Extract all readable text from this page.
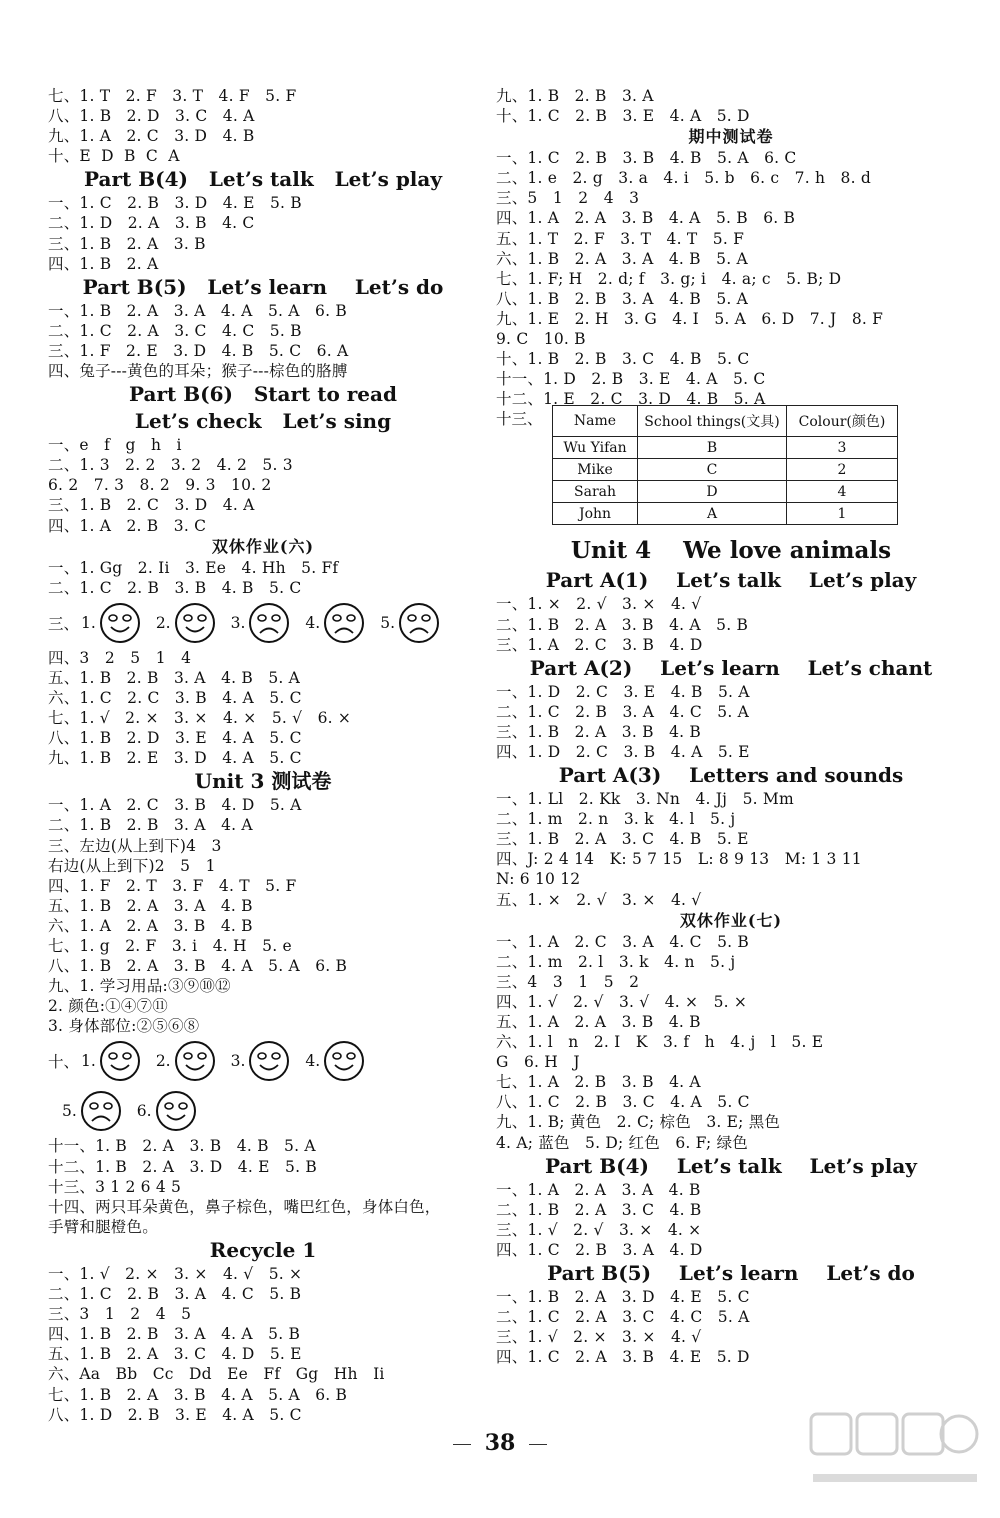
七、1. T   2. F   3. T   4. F   5. F
八、1. B   2. D   3. C   4. A
九、1. A   2. C   3. D   4. B
十、E  D  B  C  A
Part B(4)   Let’s talk   Let’s play
一、1. C   2. B   3. D   4. E   5. B
二、1. D   2. A   3. B   4. C
三、1. B   2. A   3. B
四、1. B   2. A
Part B(5)   Let’s learn    Let’s do
一、1. B   2. A   3. A   4. A   5. A   6. B
二、1. C   2. A   3. C   4. C   5. B
三、1. F   2. E   3. D   4. B   5. C   6. A
四、兔子---黄色的耳朵；猴子---棕色的胳膊
Part B(6)   Start to read
Let’s check   Let’s sing
一、e   f   g   h   i
二、1. 3   2. 2   3. 2   4. 2   5. 3
6. 2   7. 3   8. 2   9. 3   10. 2
三、1. B   2. C   3. D   4. A
四、1. A   2. B   3. C
双休作业(六)
一、1. Gg   2. Ii   3. Ee   4. Hh   5. Ff
二、1. C   2. B   3. B   4. B   5. C
三、 1.	2.	3.	4.	5.
四、3   2   5   1   4
五、1. B   2. B   3. A   4. B   5. A
六、1. C   2. C   3. B   4. A   5. C
七、1. √   2. ×   3. ×   4. ×   5. √   6. ×
八、1. B   2. D   3. E   4. A   5. C
九、1. B   2. E   3. D   4. A   5. C
Unit 3 测试卷
一、1. A   2. C   3. B   4. D   5. A
二、1. B   2. B   3. A   4. A
三、左边(从上到下)4   3
右边(从上到下)2   5   1
四、1. F   2. T   3. F   4. T   5. F
五、1. B   2. A   3. A   4. B
六、1. A   2. A   3. B   4. B
七、1. g   2. F   3. i   4. H   5. e
八、1. B   2. A   3. B   4. A   5. A   6. B
九、1. 学习用品:③⑨⑩⑫
2. 颜色:①④⑦⑪
3. 身体部位:②⑤⑥⑧
十、 1.	2.	3.	4.
5.	6.
十一、1. B   2. A   3. B   4. B   5. A
十二、1. B   2. A   3. D   4. E   5. B
十三、3 1 2 6 4 5
十四、两只耳朵黄色，鼻子棕色，嘴巴红色，身体白色，
手臂和腿橙色。
Recycle 1
一、1. √   2. ×   3. ×   4. √   5. ×
二、1. C   2. B   3. A   4. C   5. B
三、3   1   2   4   5
四、1. B   2. B   3. A   4. A   5. B
五、1. B   2. A   3. C   4. D   5. E
六、Aa   Bb   Cc   Dd   Ee   Ff   Gg   Hh   Ii
七、1. B   2. A   3. B   4. A   5. A   6. B
八、1. D   2. B   3. E   4. A   5. C
九、1. B   2. B   3. A
十、1. C   2. B   3. E   4. A   5. D
期中测试卷
一、1. C   2. B   3. B   4. B   5. A   6. C
二、1. e   2. g   3. a   4. i   5. b   6. c   7. h   8. d
三、5   1   2   4   3
四、1. A   2. A   3. B   4. A   5. B   6. B
五、1. T   2. F   3. T   4. T   5. F
六、1. B   2. A   3. A   4. B   5. A
七、1. F; H   2. d; f   3. g; i   4. a; c   5. B; D
八、1. B   2. B   3. A   4. B   5. A
九、1. E   2. H   3. G   4. I   5. A   6. D   7. J   8. F
9. C   10. B
十、1. B   2. B   3. C   4. B   5. C
十一、1. D   2. B   3. E   4. A   5. C
十二、1. E   2. C   3. D   4. B   5. A
十三、 Name	School things(文具)	Colour(颜色)
Wu Yifan	B	3
Mike	C	2
Sarah	D	4
John	A	1
Unit 4    We love animals
Part A(1)    Let’s talk    Let’s play
一、1. ×   2. √   3. ×   4. √
二、1. B   2. A   3. B   4. A   5. B
三、1. A   2. C   3. B   4. D
Part A(2)    Let’s learn    Let’s chant
一、1. D   2. C   3. E   4. B   5. A
二、1. C   2. B   3. A   4. C   5. A
三、1. B   2. A   3. B   4. B
四、1. D   2. C   3. B   4. A   5. E
Part A(3)    Letters and sounds
一、1. Ll   2. Kk   3. Nn   4. Jj   5. Mm
二、1. m   2. n   3. k   4. l   5. j
三、1. B   2. A   3. C   4. B   5. E
四、J: 2 4 14   K: 5 7 15   L: 8 9 13   M: 1 3 11
N: 6 10 12
五、1. ×   2. √   3. ×   4. √
双休作业(七)
一、1. A   2. C   3. A   4. C   5. B
二、1. m   2. l   3. k   4. n   5. j
三、4   3   1   5   2
四、1. √   2. √   3. √   4. ×   5. ×
五、1. A   2. A   3. B   4. B
六、1. l   n   2. I   K   3. f   h   4. j   l   5. E
G   6. H   J
七、1. A   2. B   3. B   4. A
八、1. C   2. B   3. C   4. A   5. C
九、1. B; 黄色   2. C; 棕色   3. E; 黑色
4. A; 蓝色   5. D; 红色   6. F; 绿色
Part B(4)    Let’s talk    Let’s play
一、1. A   2. A   3. A   4. B
二、1. B   2. A   3. C   4. B
三、1. √   2. √   3. ×   4. ×
四、1. C   2. B   3. A   4. D
Part B(5)    Let’s learn    Let’s do
一、1. B   2. A   3. D   4. E   5. C
二、1. C   2. A   3. C   4. C   5. A
三、1. √   2. ×   3. ×   4. √
四、1. C   2. A   3. B   4. E   5. D
38
